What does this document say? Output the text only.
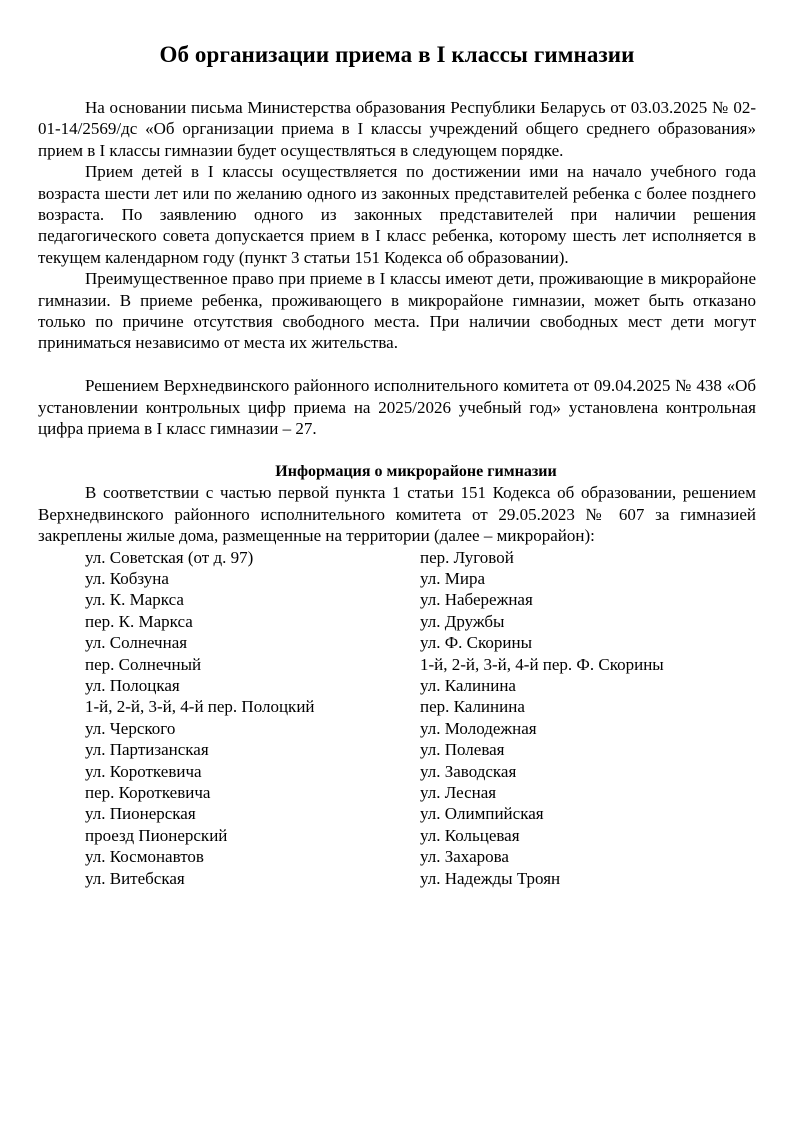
Об организации приема в I классы гимназии

На основании письма Министерства образования Республики Беларусь от 03.03.2025 № 02-01-14/2569/дс «Об организации приема в I классы учреждений общего среднего образования» прием в I классы гимназии будет осуществляться в следующем порядке.

Прием детей в I классы осуществляется по достижении ими на начало учебного года возраста шести лет или по желанию одного из законных представителей ребенка с более позднего возраста. По заявлению одного из законных представителей при наличии решения педагогического совета допускается прием в I класс ребенка, которому шесть лет исполняется в текущем календарном году (пункт 3 статьи 151 Кодекса об образовании).

Преимущественное право при приеме в I классы имеют дети, проживающие в микрорайоне гимназии. В приеме ребенка, проживающего в микрорайоне гимназии, может быть отказано только по причине отсутствия свободного места. При наличии свободных мест дети могут приниматься независимо от места их жительства.

Решением Верхнедвинского районного исполнительного комитета от 09.04.2025 № 438 «Об установлении контрольных цифр приема на 2025/2026 учебный год» установлена контрольная цифра приема в I класс гимназии – 27.

Информация о микрорайоне гимназии

В соответствии с частью первой пункта 1 статьи 151 Кодекса об образовании, решением Верхнедвинского районного исполнительного комитета от 29.05.2023 № 607 за гимназией закреплены жилые дома, размещенные на территории (далее – микрорайон):

ул. Советская (от д. 97)
ул. Кобзуна
ул. К. Маркса
пер. К. Маркса
ул. Солнечная
пер. Солнечный
ул. Полоцкая
1-й, 2-й, 3-й, 4-й пер. Полоцкий
ул. Черского
ул. Партизанская
ул. Короткевича
пер. Короткевича
ул. Пионерская
проезд Пионерский
ул. Космонавтов
ул. Витебская
пер. Луговой
ул. Мира
ул. Набережная
ул. Дружбы
ул. Ф. Скорины
1-й, 2-й, 3-й, 4-й пер. Ф. Скорины
ул. Калинина
пер. Калинина
ул. Молодежная
ул. Полевая
ул. Заводская
ул. Лесная
ул. Олимпийская
ул. Кольцевая
ул. Захарова
ул. Надежды Троян
